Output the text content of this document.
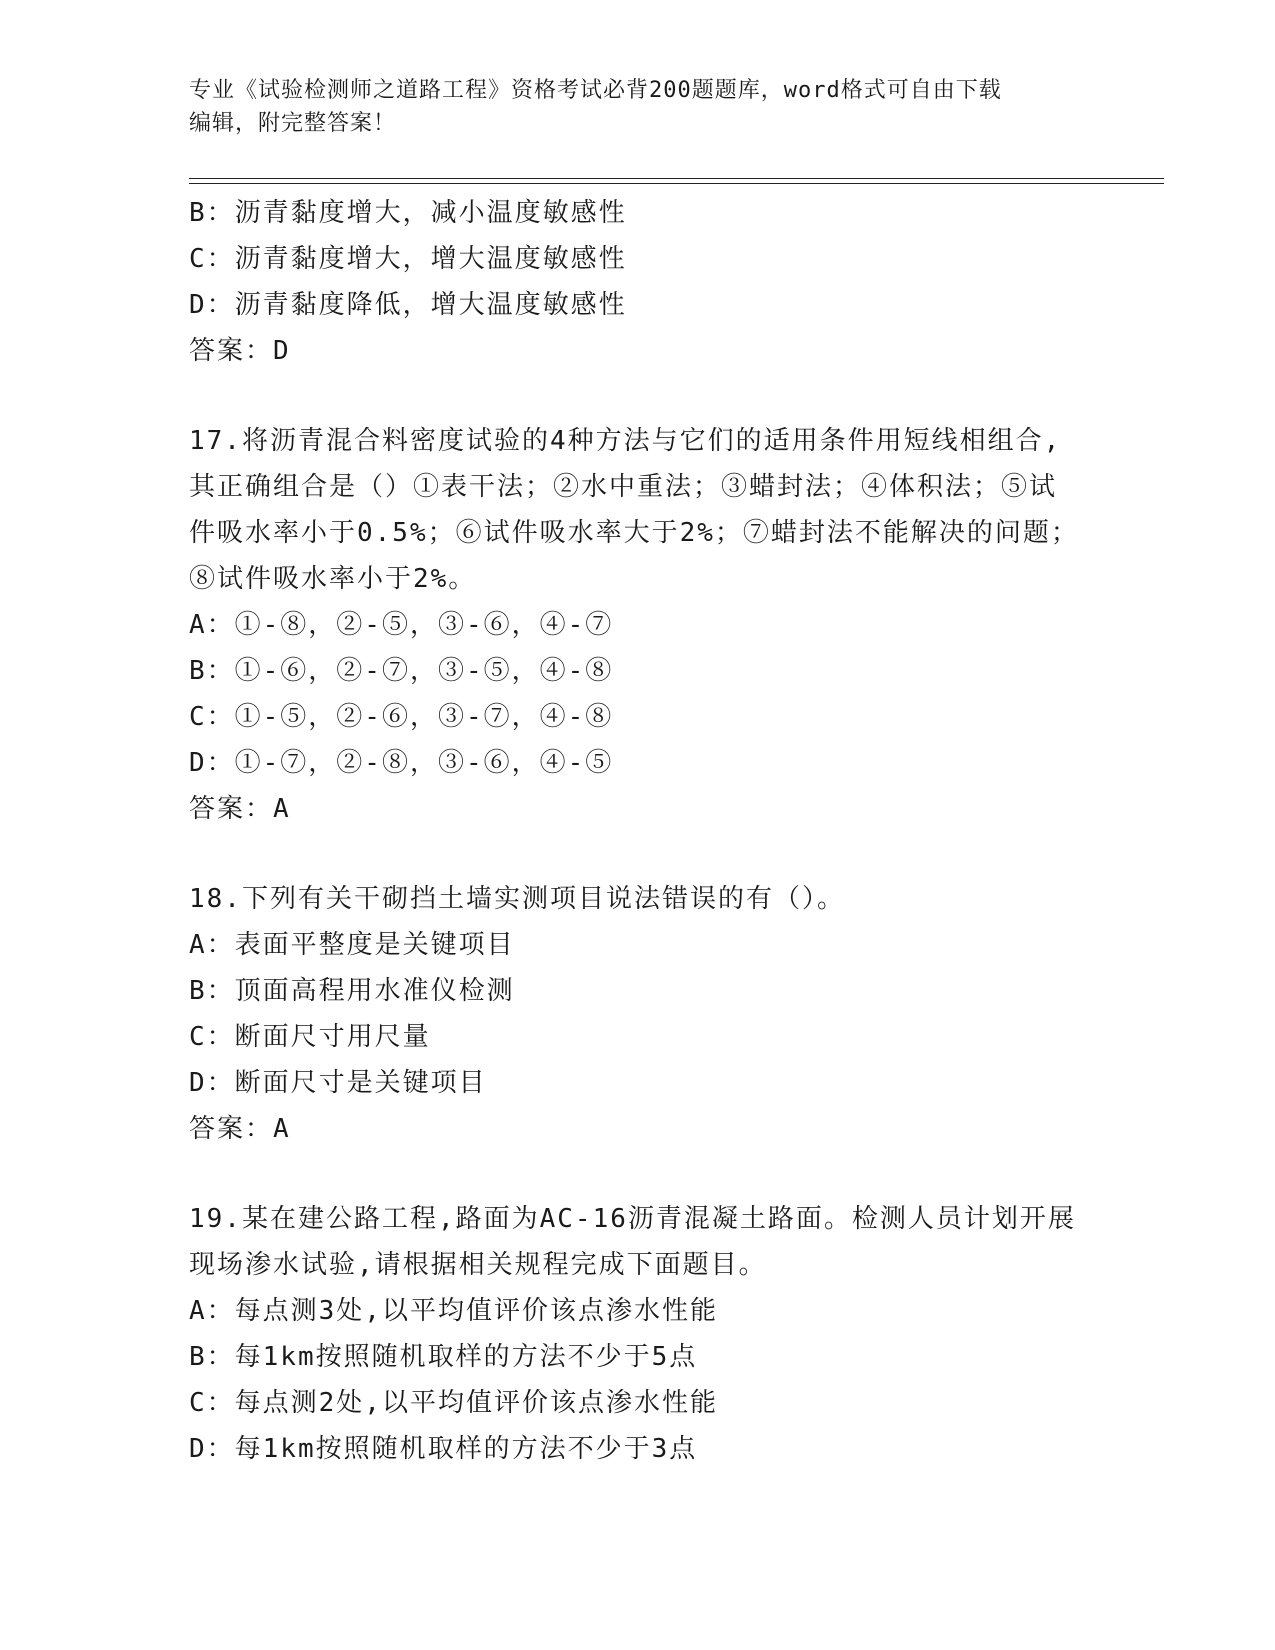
专业《试验检测师之道路工程》资格考试必背200题题库，word格式可自由下载
编辑，附完整答案！
B：沥青黏度增大，减小温度敏感性
C：沥青黏度增大，增大温度敏感性
D：沥青黏度降低，增大温度敏感性
答案：D
17.将沥青混合料密度试验的4种方法与它们的适用条件用短线相组合,其正确组合是（）①表干法；②水中重法；③蜡封法；④体积法；⑤试件吸水率小于0.5%；⑥试件吸水率大于2%；⑦蜡封法不能解决的问题；⑧试件吸水率小于2%。
A：①-⑧，②-⑤，③-⑥，④-⑦
B：①-⑥，②-⑦，③-⑤，④-⑧
C：①-⑤，②-⑥，③-⑦，④-⑧
D：①-⑦，②-⑧，③-⑥，④-⑤
答案：A
18.下列有关干砌挡土墙实测项目说法错误的有（）。
A：表面平整度是关键项目
B：顶面高程用水准仪检测
C：断面尺寸用尺量
D：断面尺寸是关键项目
答案：A
19.某在建公路工程,路面为AC-16沥青混凝土路面。检测人员计划开展现场渗水试验,请根据相关规程完成下面题目。
A：每点测3处,以平均值评价该点渗水性能
B：每1km按照随机取样的方法不少于5点
C：每点测2处,以平均值评价该点渗水性能
D：每1km按照随机取样的方法不少于3点
